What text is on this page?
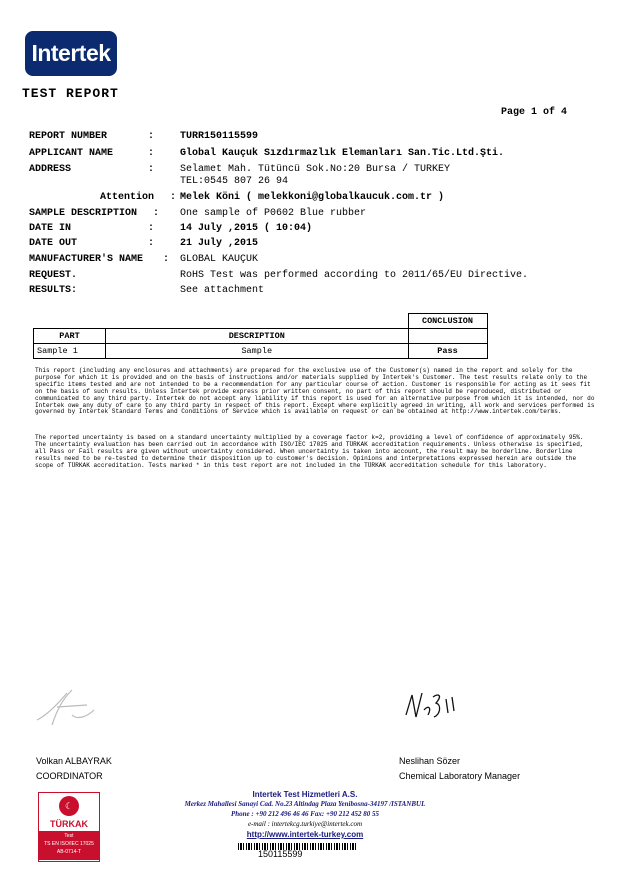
Intertek
TEST REPORT
Page 1 of 4
REPORT NUMBER	:	TURR150115599
APPLICANT NAME	:	Global Kauçuk Sızdırmazlık Elemanları San.Tic.Ltd.Şti.
ADDRESS	:	Selamet Mah. Tütüncü Sok.No:20 Bursa / TURKEY
TEL:0545 807 26 94
Attention : Melek Köni ( melekkoni@globalkaucuk.com.tr )
SAMPLE DESCRIPTION : One sample of P0602 Blue rubber
DATE IN	:	14 July ,2015 ( 10:04)
DATE OUT	:	21 July ,2015
MANUFACTURER'S NAME : GLOBAL KAUÇUK
REQUEST.	RoHS Test was performed according to 2011/65/EU Directive.
RESULTS:	See attachment
		CONCLUSION
PART	DESCRIPTION	
Sample 1	Sample	Pass

This report (including any enclosures and attachments) are prepared for the exclusive use of the Customer(s) named in the report and solely for the purpose for which it is provided and on the basis of instructions and/or materials supplied by Intertek's Customer. The test results relate only to the specific items tested and are not intended to be a recommendation for any particular course of action. Customer is responsible for acting as it sees fit on the basis of such results. Unless Intertek provide express prior written consent, no part of this report should be reproduced, distributed or communicated to any third party. Intertek do not accept any liability if this report is used for an alternative purpose from which it is intended, nor do Intertek owe any duty of care to any third party in respect of this report. Except where explicitly agreed in writing, all work and services performed is governed by Intertek Standard Terms and Conditions of Service which is available on request or can be obtained at http://www.intertek.com/terms.

The reported uncertainty is based on a standard uncertainty multiplied by a coverage factor k=2, providing a level of confidence of approximately 95%. The uncertainty evaluation has been carried out in accordance with ISO/IEC 17025 and TÜRKAK accreditation requirements. Unless otherwise is specified, all Pass or Fail results are given without uncertainty considered. When uncertainty is taken into account, the result may be borderline. Borderline results need to be re-tested to determine their disposition up to customer's decision. Opinions and interpretations expressed herein are outside the scope of TÜRKAK accreditation. Tests marked * in this test report are not included in the TÜRKAK accreditation schedule for this laboratory.

Volkan ALBAYRAK
COORDINATOR
Neslihan Sözer
Chemical Laboratory Manager
☾
TÜRKAK
Test
TS EN ISO/IEC 17025
AB-0714-T
Intertek Test Hizmetleri A.S.
Merkez Mahallesi Sanayi Cad. No.23 Altindag Plaza Yenibosna-34197 /ISTANBUL
Phone : +90 212 496 46 46 Fax: +90 212 452 80 55
e-mail : intertekcg.turkiye@intertek.com
http://www.intertek-turkey.com
150115599
